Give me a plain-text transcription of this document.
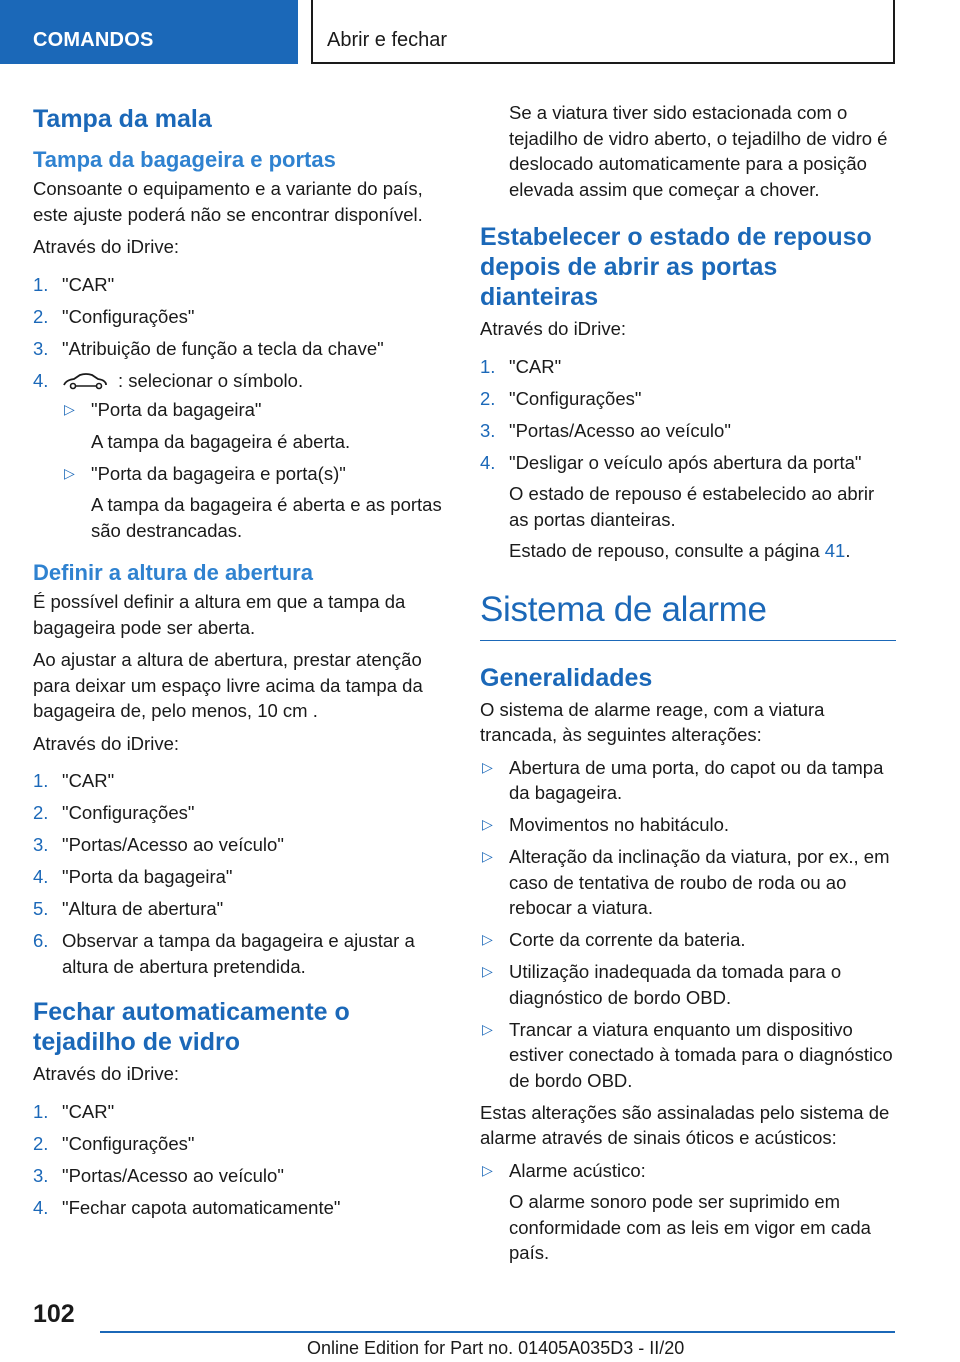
COMANDOS	Abrir e fechar
Tampa da mala
Tampa da bagageira e portas

Consoante o equipamento e a variante do país, este ajuste poderá não se encontrar disponível.

Através do iDrive:

1. "CAR"
2. "Configurações"
3. "Atribuição de função a tecla da chave"
4.	: selecionar o símbolo.
▷ "Porta da bagageira"
A tampa da bagageira é aberta.
▷ "Porta da bagageira e porta(s)"
A tampa da bagageira é aberta e as portas são destrancadas.
Definir a altura de abertura

É possível definir a altura em que a tampa da bagageira pode ser aberta.

Ao ajustar a altura de abertura, prestar atenção para deixar um espaço livre acima da tampa da bagageira de, pelo menos, 10 cm .

Através do iDrive:

1. "CAR"
2. "Configurações"
3. "Portas/Acesso ao veículo"
4. "Porta da bagageira"
5. "Altura de abertura"
6. Observar a tampa da bagageira e ajustar a altura de abertura pretendida.
Fechar automaticamente o tejadilho de vidro

Através do iDrive:

1. "CAR"
2. "Configurações"
3. "Portas/Acesso ao veículo"
4. "Fechar capota automaticamente"

Se a viatura tiver sido estacionada com o tejadilho de vidro aberto, o tejadilho de vidro é deslocado automaticamente para a posição elevada assim que começar a chover.

Estabelecer o estado de repouso depois de abrir as portas dianteiras

Através do iDrive:

1. "CAR"
2. "Configurações"
3. "Portas/Acesso ao veículo"
4. "Desligar o veículo após abertura da porta"
O estado de repouso é estabelecido ao abrir as portas dianteiras.
Estado de repouso, consulte a página 41.
Sistema de alarme
Generalidades

O sistema de alarme reage, com a viatura trancada, às seguintes alterações:

▷ Abertura de uma porta, do capot ou da tampa da bagageira.
▷ Movimentos no habitáculo.
▷ Alteração da inclinação da viatura, por ex., em caso de tentativa de roubo de roda ou ao rebocar a viatura.
▷ Corte da corrente da bateria.
▷ Utilização inadequada da tomada para o diagnóstico de bordo OBD.
▷ Trancar a viatura enquanto um dispositivo estiver conectado à tomada para o diagnóstico de bordo OBD.

Estas alterações são assinaladas pelo sistema de alarme através de sinais óticos e acústicos:

▷ Alarme acústico:
O alarme sonoro pode ser suprimido em conformidade com as leis em vigor em cada país.
102
Online Edition for Part no. 01405A035D3 - II/20
